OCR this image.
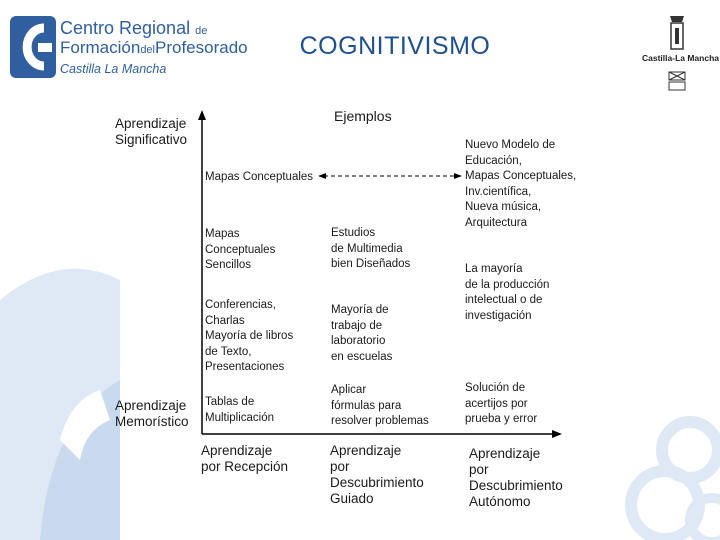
Centro Regional de
FormacióndelProfesorado
Castilla La Mancha
COGNITIVISMO	Castilla-La Mancha
Ejemplos
Aprendizaje
Significativo
Aprendizaje
Memorístico
Aprendizaje
por Recepción
Aprendizaje
por
Descubrimiento
Guiado
Aprendizaje
por
Descubrimiento
Autónomo
Mapas Conceptuales
Nuevo Modelo de
Educación,
Mapas Conceptuales,
Inv.científica,
Nueva música,
Arquitectura
Mapas
Conceptuales
Sencillos
Estudios
de Multimedia
bien Diseñados	La mayoría
de la producción
intelectual o de
investigación
Conferencias,
Charlas
Mayoría de libros
de Texto,
Presentaciones
Mayoría de
trabajo de
laboratorio
en escuelas
Tablas de
Multiplicación
Aplicar
fórmulas para
resolver problemas
Solución de
acertijos por
prueba y error
